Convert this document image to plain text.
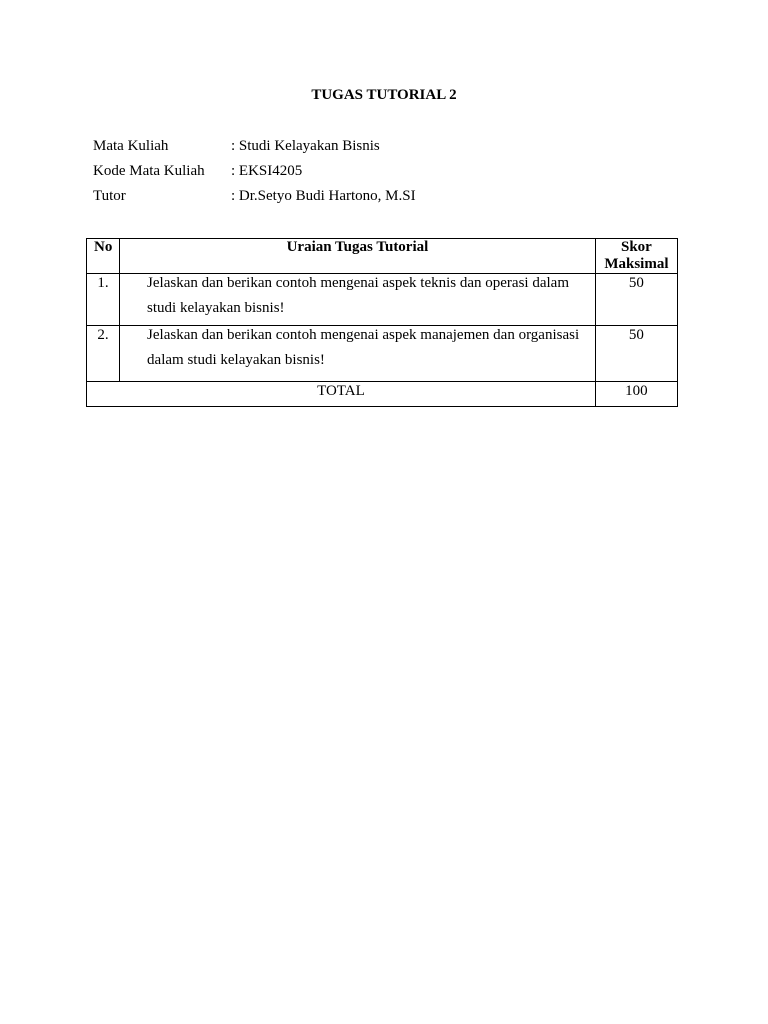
TUGAS TUTORIAL 2
Mata Kuliah	: Studi Kelayakan Bisnis
Kode Mata Kuliah : EKSI4205
Tutor	: Dr.Setyo Budi Hartono, M.SI
No	Uraian Tugas Tutorial	Skor
Maksimal

1.	Jelaskan dan berikan contoh mengenai aspek teknis dan operasi dalam studi kelayakan bisnis!	50
2.	Jelaskan dan berikan contoh mengenai aspek manajemen dan organisasi dalam studi kelayakan bisnis!	50
TOTAL		100
